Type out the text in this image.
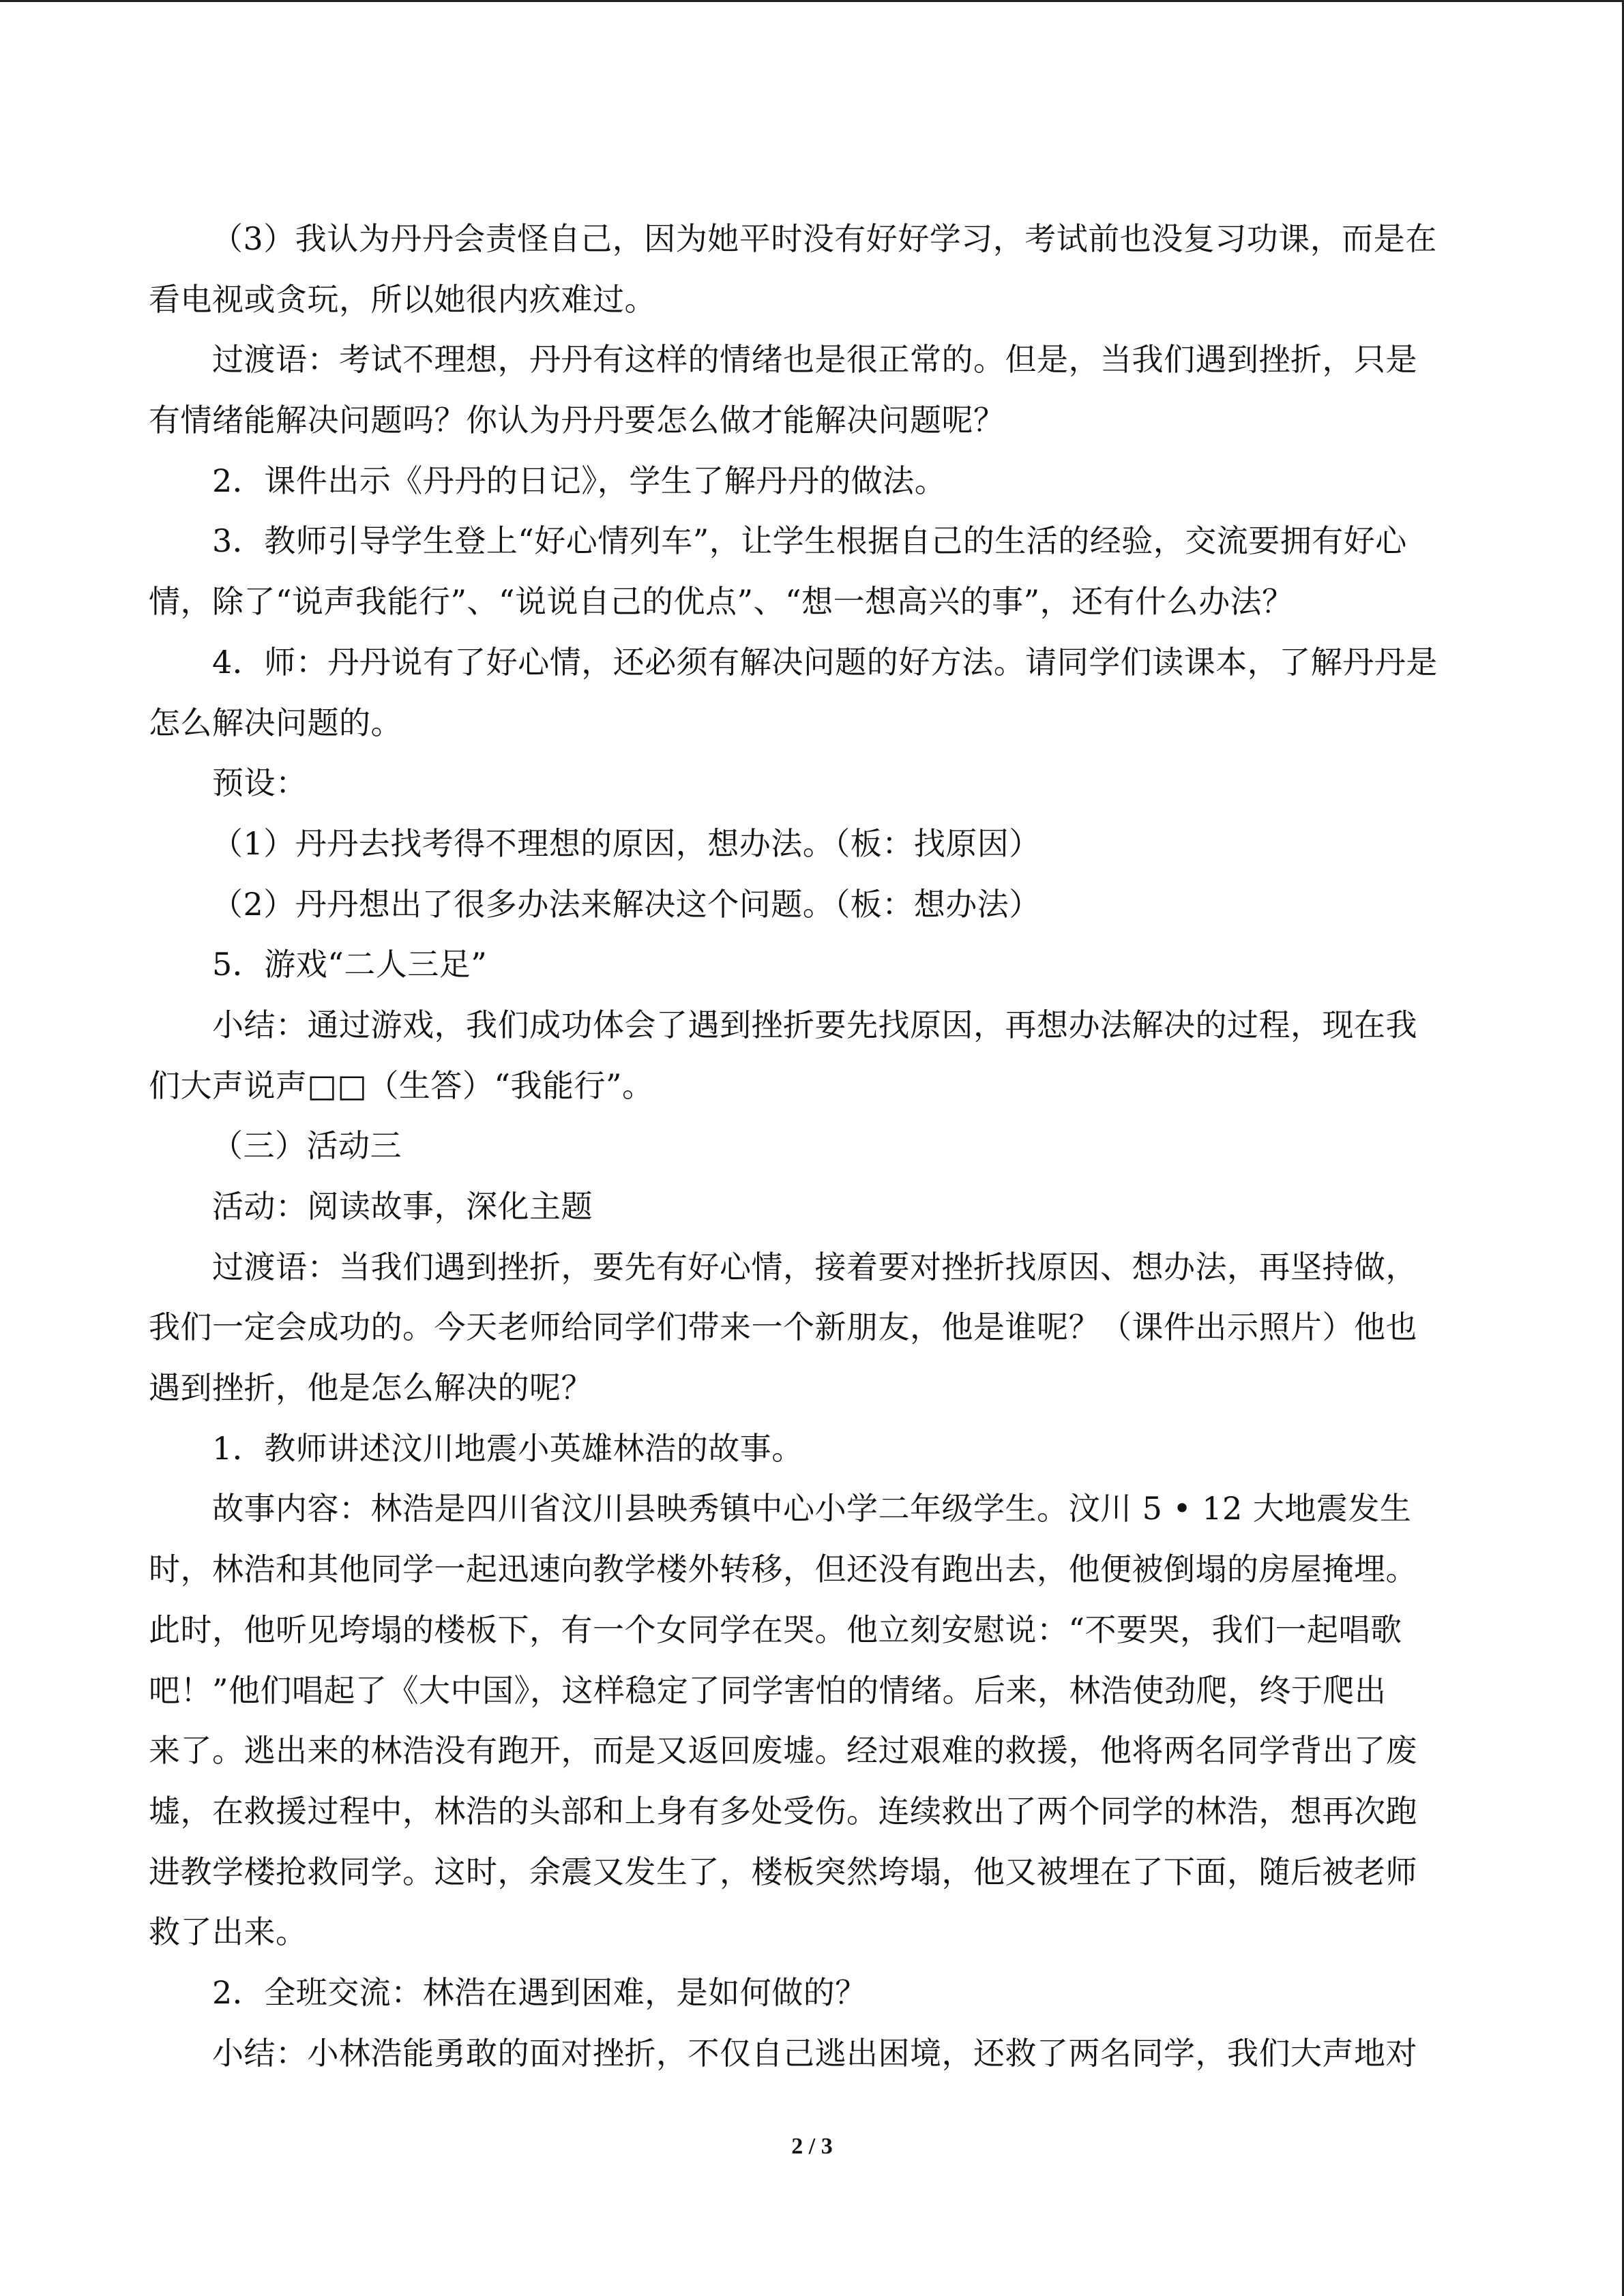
（3）我认为丹丹会责怪自己，因为她平时没有好好学习，考试前也没复习功课，而是在
看电视或贪玩，所以她很内疚难过。
过渡语：考试不理想，丹丹有这样的情绪也是很正常的。但是，当我们遇到挫折，只是
有情绪能解决问题吗？你认为丹丹要怎么做才能解决问题呢？
2．课件出示《丹丹的日记》，学生了解丹丹的做法。
3．教师引导学生登上“好心情列车”，让学生根据自己的生活的经验，交流要拥有好心
情，除了“说声我能行”、“说说自己的优点”、“想一想高兴的事”，还有什么办法？
4．师：丹丹说有了好心情，还必须有解决问题的好方法。请同学们读课本，了解丹丹是
怎么解决问题的。
预设：
（1）丹丹去找考得不理想的原因，想办法。（板：找原因）
（2）丹丹想出了很多办法来解决这个问题。（板：想办法）
5．游戏“二人三足”
小结：通过游戏，我们成功体会了遇到挫折要先找原因，再想办法解决的过程，现在我
们大声说声□□（生答）“我能行”。
（三）活动三
活动：阅读故事，深化主题
过渡语：当我们遇到挫折，要先有好心情，接着要对挫折找原因、想办法，再坚持做，
我们一定会成功的。今天老师给同学们带来一个新朋友，他是谁呢？（课件出示照片）他也
遇到挫折，他是怎么解决的呢？
1．教师讲述汶川地震小英雄林浩的故事。
故事内容：林浩是四川省汶川县映秀镇中心小学二年级学生。汶川 5 • 12 大地震发生
时，林浩和其他同学一起迅速向教学楼外转移，但还没有跑出去，他便被倒塌的房屋掩埋。
此时，他听见垮塌的楼板下，有一个女同学在哭。他立刻安慰说：“不要哭，我们一起唱歌
吧！”他们唱起了《大中国》，这样稳定了同学害怕的情绪。后来，林浩使劲爬，终于爬出
来了。逃出来的林浩没有跑开，而是又返回废墟。经过艰难的救援，他将两名同学背出了废
墟，在救援过程中，林浩的头部和上身有多处受伤。连续救出了两个同学的林浩，想再次跑
进教学楼抢救同学。这时，余震又发生了，楼板突然垮塌，他又被埋在了下面，随后被老师
救了出来。
2．全班交流：林浩在遇到困难，是如何做的？
小结：小林浩能勇敢的面对挫折，不仅自己逃出困境，还救了两名同学，我们大声地对
2 / 3
